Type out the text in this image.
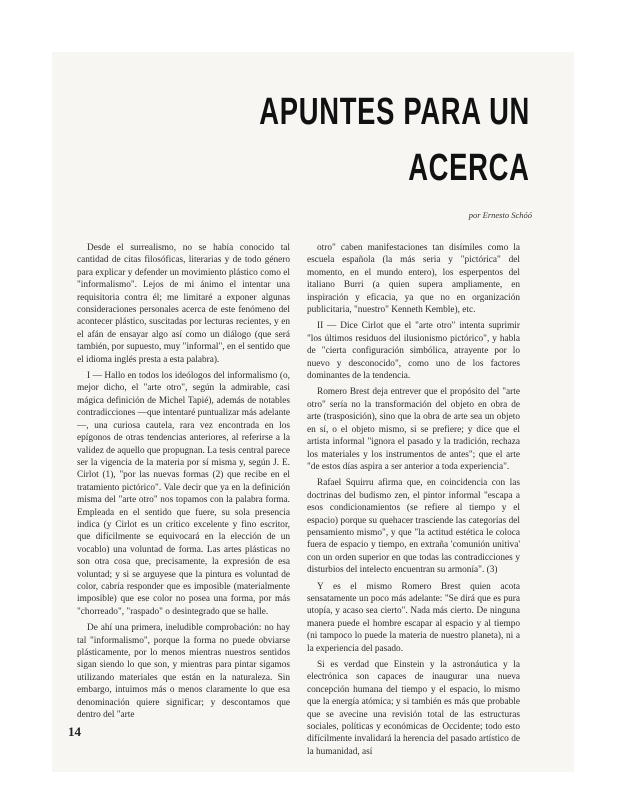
APUNTES PARA UN
ACERCA

por Ernesto Schóó

Desde el surrealismo, no se había conocido tal cantidad de citas filosóficas, literarias y de todo género para explicar y defender un movimiento plástico como el "informalismo". Lejos de mi ánimo el intentar una requisitoria contra él; me limitaré a exponer algunas consideraciones personales acerca de este fenómeno del acontecer plástico, suscitadas por lecturas recientes, y en el afán de ensayar algo así como un diálogo (que será también, por supuesto, muy "informal", en el sentido que el idioma inglés presta a esta palabra).

I — Hallo en todos los ideólogos del informalismo (o, mejor dicho, el "arte otro", según la admirable, casi mágica definición de Michel Tapié), además de notables contradicciones —que intentaré puntualizar más adelante—, una curiosa cautela, rara vez encontrada en los epígonos de otras tendencias anteriores, al referirse a la validez de aquello que propugnan. La tesis central parece ser la vigencia de la materia por sí misma y, según J. E. Cirlot (1), "por las nuevas formas (2) que recibe en el tratamiento pictórico". Vale decir que ya en la definición misma del "arte otro" nos topamos con la palabra forma. Empleada en el sentido que fuere, su sola presencia indica (y Cirlot es un crítico excelente y fino escritor, que difícilmente se equivocará en la elección de un vocablo) una voluntad de forma. Las artes plásticas no son otra cosa que, precisamente, la expresión de esa voluntad; y si se arguyese que la pintura es voluntad de color, cabría responder que es imposible (materialmente imposible) que ese color no posea una forma, por más "chorreado", "raspado" o desintegrado que se halle.

De ahí una primera, ineludible comprobación: no hay tal "informalismo", porque la forma no puede obviarse plásticamente, por lo menos mientras nuestros sentidos sigan siendo lo que son, y mientras para pintar sigamos utilizando materiales que están en la naturaleza. Sin embargo, intuimos más o menos claramente lo que esa denominación quiere significar; y descontamos que dentro del "arte

otro" caben manifestaciones tan disímiles como la escuela española (la más seria y "pictórica" del momento, en el mundo entero), los esperpentos del italiano Burri (a quien supera ampliamente, en inspiración y eficacia, ya que no en organización publicitaria, "nuestro" Kenneth Kemble), etc.

II — Dice Cirlot que el "arte otro" intenta suprimir "los últimos residuos del ilusionismo pictórico", y habla de "cierta configuración simbólica, atrayente por lo nuevo y desconocido", como uno de los factores dominantes de la tendencia.

Romero Brest deja entrever que el propósito del "arte otro" sería no la transformación del objeto en obra de arte (trasposición), sino que la obra de arte sea un objeto en sí, o el objeto mismo, si se prefiere; y dice que el artista informal "ignora el pasado y la tradición, rechaza los materiales y los instrumentos de antes"; que el arte "de estos días aspira a ser anterior a toda experiencia".

Rafael Squirru afirma que, en coincidencia con las doctrinas del budismo zen, el pintor informal "escapa a esos condicionamientos (se refiere al tiempo y el espacio) porque su quehacer trasciende las categorías del pensamiento mismo", y que "la actitud estética le coloca fuera de espacio y tiempo, en extraña 'comunión unitiva' con un orden superior en que todas las contradicciones y disturbios del intelecto encuentran su armonía". (3)

Y es el mismo Romero Brest quien acota sensatamente un poco más adelante: "Se dirá que es pura utopía, y acaso sea cierto". Nada más cierto. De ninguna manera puede el hombre escapar al espacio y al tiempo (ni tampoco lo puede la materia de nuestro planeta), ni a la experiencia del pasado.

Si es verdad que Einstein y la astronáutica y la electrónica son capaces de inaugurar una nueva concepción humana del tiempo y el espacio, lo mismo que la energía atómica; y si también es más que probable que se avecine una revisión total de las estructuras sociales, políticas y económicas de Occidente; todo esto difícilmente invalidará la herencia del pasado artístico de la humanidad, así

14
